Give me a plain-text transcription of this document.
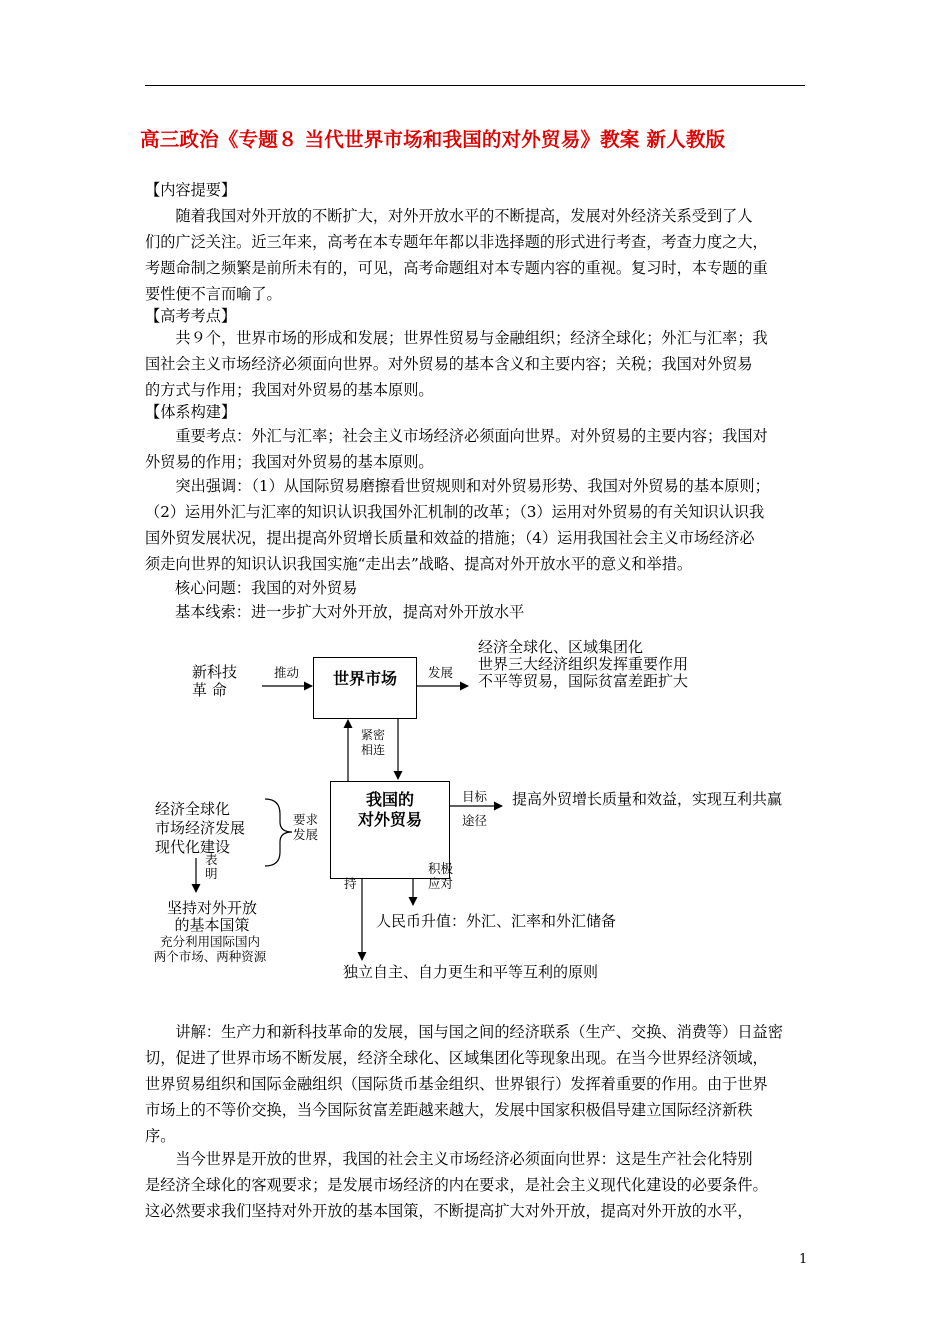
高三政治《专题８ 当代世界市场和我国的对外贸易》教案 新人教版
【内容提要】
随着我国对外开放的不断扩大，对外开放水平的不断提高，发展对外经济关系受到了人
们的广泛关注。近三年来，高考在本专题年年都以非选择题的形式进行考查，考查力度之大，
考题命制之频繁是前所未有的，可见，高考命题组对本专题内容的重视。复习时，本专题的重
要性便不言而喻了。
【高考考点】
共９个，世界市场的形成和发展；世界性贸易与金融组织；经济全球化；外汇与汇率；我
国社会主义市场经济必须面向世界。对外贸易的基本含义和主要内容；关税；我国对外贸易
的方式与作用；我国对外贸易的基本原则。
【体系构建】
重要考点：外汇与汇率；社会主义市场经济必须面向世界。对外贸易的主要内容；我国对
外贸易的作用；我国对外贸易的基本原则。
突出强调：（1）从国际贸易磨擦看世贸规则和对外贸易形势、我国对外贸易的基本原则；
（2）运用外汇与汇率的知识认识我国外汇机制的改革；（3）运用对外贸易的有关知识认识我
国外贸发展状况，提出提高外贸增长质量和效益的措施；（4）运用我国社会主义市场经济必
须走向世界的知识认识我国实施“走出去”战略、提高对外开放水平的意义和举措。
核心问题：我国的对外贸易
基本线索：进一步扩大对外开放，提高对外开放水平
新科技
革 命
推动	世界市场	发展
经济全球化、区域集团化
世界三大经济组织发挥重要作用
不平等贸易，国际贫富差距扩大
紧密
相连
我国的
对外贸易
目标
途径
提高外贸增长质量和效益，实现互利共赢
经济全球化
市场经济发展
现代化建设
要求
发展
表
明
坚持对外开放
的基本国策
充分利用国际国内
两个市场、两种资源
积极
应对
持
人民币升值：外汇、汇率和外汇储备
独立自主、自力更生和平等互利的原则
讲解：生产力和新科技革命的发展，国与国之间的经济联系（生产、交换、消费等）日益密
切，促进了世界市场不断发展，经济全球化、区域集团化等现象出现。在当今世界经济领域，
世界贸易组织和国际金融组织（国际货币基金组织、世界银行）发挥着重要的作用。由于世界
市场上的不等价交换，当今国际贫富差距越来越大，发展中国家积极倡导建立国际经济新秩
序。
当今世界是开放的世界，我国的社会主义市场经济必须面向世界：这是生产社会化特别
是经济全球化的客观要求；是发展市场经济的内在要求，是社会主义现代化建设的必要条件。
这必然要求我们坚持对外开放的基本国策，不断提高扩大对外开放，提高对外开放的水平，
1
